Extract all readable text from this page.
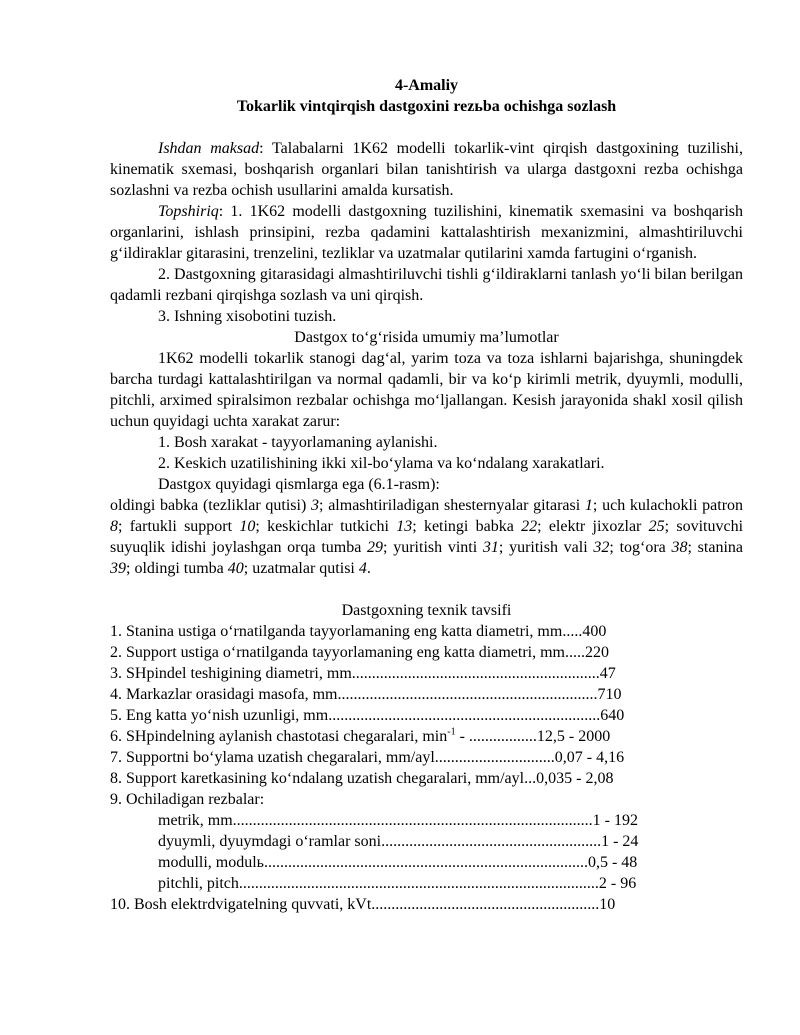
4-Amaliy

Tokarlik vintqirqish dastgoxini rezьba ochishga sozlash

Ishdan maksad: Talabalarni 1K62 modelli tokarlik-vint qirqish dastgoxining tuzilishi, kinematik sxemasi, boshqarish organlari bilan tanishtirish va ularga dastgoxni rezba ochishga sozlashni va rezba ochish usullarini amalda kursatish.

Topshiriq: 1. 1K62 modelli dastgoxning tuzilishini, kinematik sxemasini va boshqarish organlarini, ishlash prinsipini, rezba qadamini kattalashtirish mexanizmini, almashtiriluvchi g‘ildiraklar gitarasini, trenzelini, tezliklar va uzatmalar qutilarini xamda fartugini o‘rganish.

2. Dastgoxning gitarasidagi almashtiriluvchi tishli g‘ildiraklarni tanlash yo‘li bilan berilgan qadamli rezbani qirqishga sozlash va uni qirqish.

3. Ishning xisobotini tuzish.

Dastgox to‘g‘risida umumiy ma’lumotlar

1K62 modelli tokarlik stanogi dag‘al, yarim toza va toza ishlarni bajarishga, shuningdek barcha turdagi kattalashtirilgan va normal qadamli, bir va ko‘p kirimli metrik, dyuymli, modulli, pitchli, arximed spiralsimon rezbalar ochishga mo‘ljallangan. Kesish jarayonida shakl xosil qilish uchun quyidagi uchta xarakat zarur:

1. Bosh xarakat - tayyorlamaning aylanishi.

2. Keskich uzatilishining ikki xil-bo‘ylama va ko‘ndalang xarakatlari.

Dastgox quyidagi qismlarga ega (6.1-rasm):

oldingi babka (tezliklar qutisi) 3; almashtiriladigan shesternyalar gitarasi 1; uch kulachokli patron 8; fartukli support 10; keskichlar tutkichi 13; ketingi babka 22; elektr jixozlar 25; sovituvchi suyuqlik idishi joylashgan orqa tumba 29; yuritish vinti 31; yuritish vali 32; tog‘ora 38; stanina 39; oldingi tumba 40; uzatmalar qutisi 4.

Dastgoxning texnik tavsifi

1. Stanina ustiga o‘rnatilganda tayyorlamaning eng katta diametri, mm.....400

2. Support ustiga o‘rnatilganda tayyorlamaning eng katta diametri, mm.....220

3. SHpindel teshigining diametri, mm..............................................................47

4. Markazlar orasidagi masofa, mm.................................................................710

5. Eng katta yo‘nish uzunligi, mm....................................................................640

6. SHpindelning aylanish chastotasi chegaralari, $\min^{-1} - .................12,5 - 2000$

7. Supportni bo‘ylama uzatish chegaralari, mm/ayl..............................0,07 - 4,16

8. Support karetkasining ko‘ndalang uzatish chegaralari, mm/ayl...0,035 - 2,08

9. Ochiladigan rezbalar:

metrik, mm..........................................................................................1 - 192

dyuymli, dyuymdagi o‘ramlar soni.......................................................1 - 24

modulli, modulь.................................................................................0,5 - 48

pitchli, pitch..........................................................................................2 - 96

10. Bosh elektrdvigatelning quvvati, kVt.........................................................10
